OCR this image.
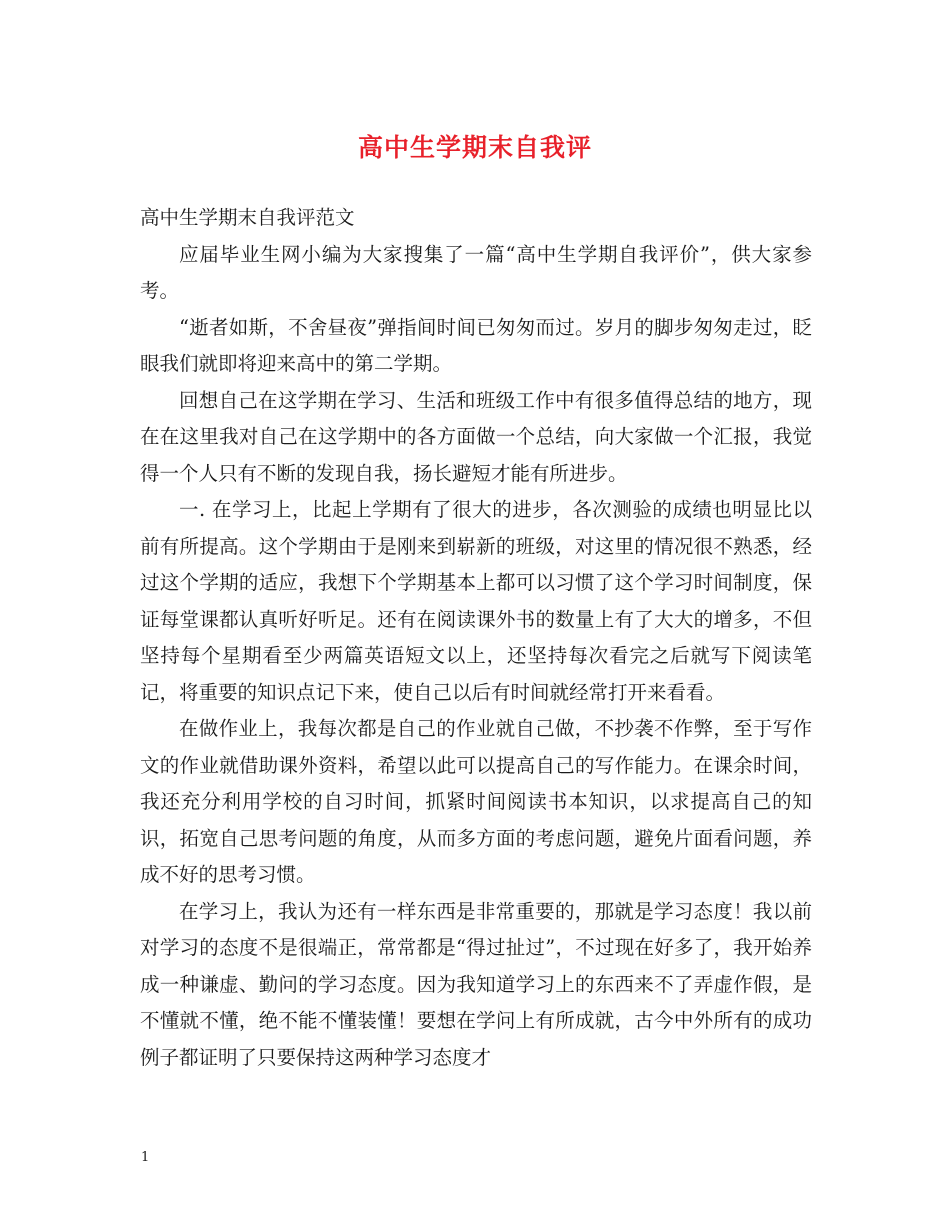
高中生学期末自我评

高中生学期末自我评范文

应届毕业生网小编为大家搜集了一篇“高中生学期自我评价”，供大家参考。

“逝者如斯，不舍昼夜”弹指间时间已匆匆而过。岁月的脚步匆匆走过，眨眼我们就即将迎来高中的第二学期。

回想自己在这学期在学习、生活和班级工作中有很多值得总结的地方，现在在这里我对自己在这学期中的各方面做一个总结，向大家做一个汇报，我觉得一个人只有不断的发现自我，扬长避短才能有所进步。

一. 在学习上，比起上学期有了很大的进步，各次测验的成绩也明显比以前有所提高。这个学期由于是刚来到崭新的班级，对这里的情况很不熟悉，经过这个学期的适应，我想下个学期基本上都可以习惯了这个学习时间制度，保证每堂课都认真听好听足。还有在阅读课外书的数量上有了大大的增多，不但坚持每个星期看至少两篇英语短文以上，还坚持每次看完之后就写下阅读笔记，将重要的知识点记下来，使自己以后有时间就经常打开来看看。

在做作业上，我每次都是自己的作业就自己做，不抄袭不作弊，至于写作文的作业就借助课外资料，希望以此可以提高自己的写作能力。在课余时间，我还充分利用学校的自习时间，抓紧时间阅读书本知识，以求提高自己的知识，拓宽自己思考问题的角度，从而多方面的考虑问题，避免片面看问题，养成不好的思考习惯。

在学习上，我认为还有一样东西是非常重要的，那就是学习态度！我以前对学习的态度不是很端正，常常都是“得过扯过”，不过现在好多了，我开始养成一种谦虚、勤问的学习态度。因为我知道学习上的东西来不了弄虚作假，是不懂就不懂，绝不能不懂装懂！要想在学问上有所成就，古今中外所有的成功例子都证明了只要保持这两种学习态度才

1
